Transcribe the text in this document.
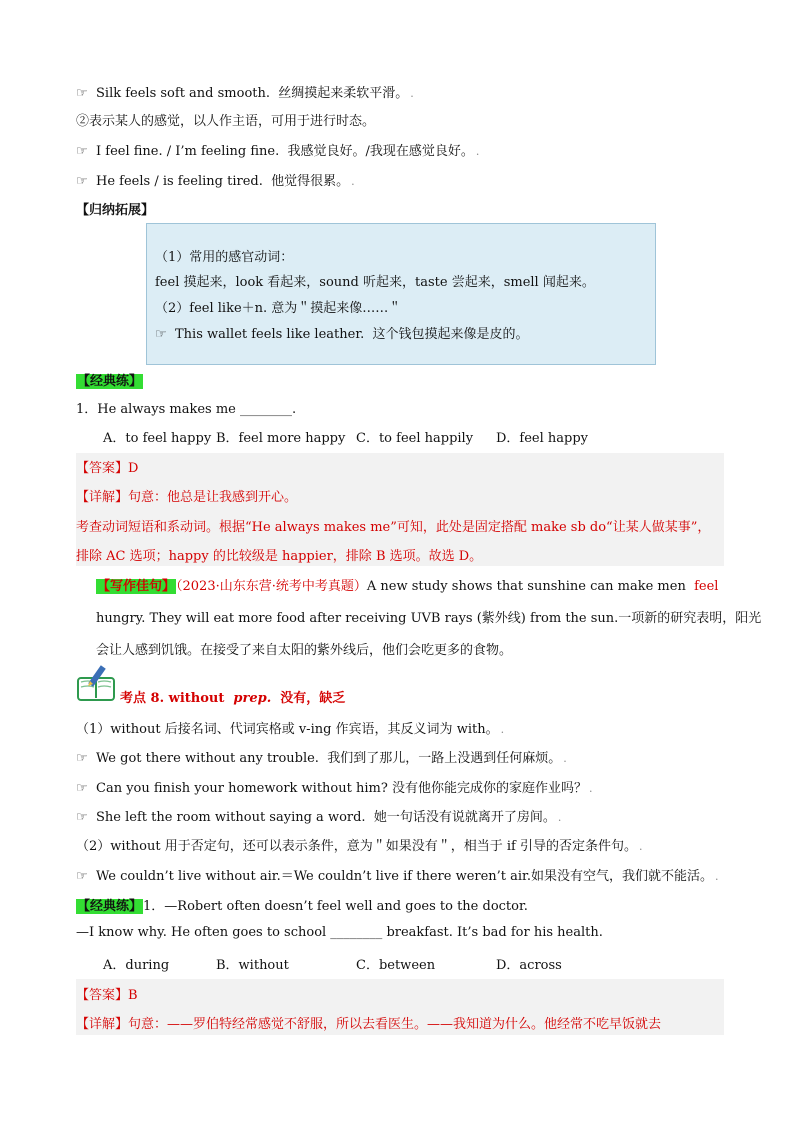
☞ Silk feels soft and smooth. 丝绸摸起来柔软平滑。 .
②表示某人的感觉，以人作主语，可用于进行时态。
☞ I feel fine. / I’m feeling fine. 我感觉良好。/我现在感觉良好。 .
☞ He feels / is feeling tired. 他觉得很累。 .
【归纳拓展】
（1）常用的感官动词：
feel 摸起来，look 看起来，sound 听起来，taste 尝起来，smell 闻起来。
（2）feel like＋n. 意为＂摸起来像……＂
☞ This wallet feels like leather. 这个钱包摸起来像是皮的。
【经典练】
1．He always makes me ________.
A．to feel happy B．feel more happy C．to feel happily D．feel happy
【答案】D
【详解】句意：他总是让我感到开心。
考查动词短语和系动词。根据“He always makes me”可知，此处是固定搭配 make sb do“让某人做某事”，
排除 AC 选项；happy 的比较级是 happier，排除 B 选项。故选 D。
【写作佳句】（2023·山东东营·统考中考真题）A new study shows that sunshine can make men feel
hungry. They will eat more food after receiving UVB rays (紫外线) from the sun.一项新的研究表明，阳光
会让人感到饥饿。在接受了来自太阳的紫外线后，他们会吃更多的食物。
考点 8. without prep. 没有，缺乏
（1）without 后接名词、代词宾格或 v-ing 作宾语，其反义词为 with。 .
☞ We got there without any trouble. 我们到了那儿，一路上没遇到任何麻烦。 .
☞ Can you finish your homework without him? 没有他你能完成你的家庭作业吗？ .
☞ She left the room without saying a word. 她一句话没有说就离开了房间。 .
（2）without 用于否定句，还可以表示条件，意为＂如果没有＂，相当于 if 引导的否定条件句。 .
☞ We couldn’t live without air.＝We couldn’t live if there weren’t air.如果没有空气，我们就不能活。 .
【经典练】1．—Robert often doesn’t feel well and goes to the doctor.
—I know why. He often goes to school ________ breakfast. It’s bad for his health.
A．during	B．without	C．between	D．across
【答案】B
【详解】句意：——罗伯特经常感觉不舒服，所以去看医生。——我知道为什么。他经常不吃早饭就去
